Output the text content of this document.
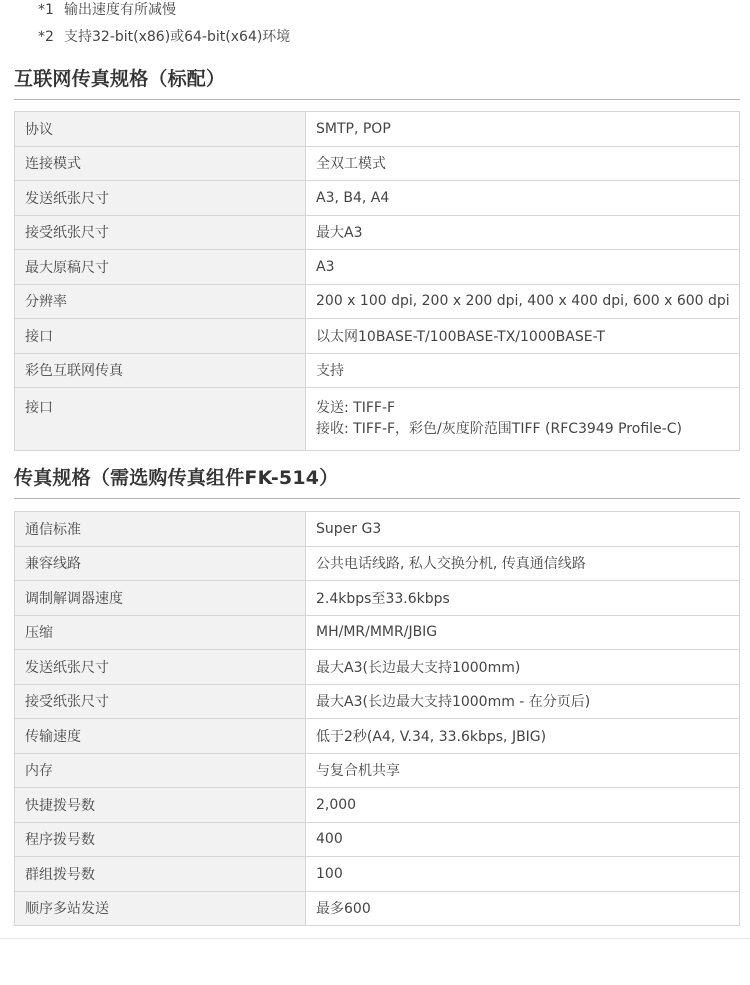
*1 输出速度有所减慢
*2 支持32-bit(x86)或64-bit(x64)环境
互联网传真规格（标配）
协议	SMTP, POP
连接模式	全双工模式
发送纸张尺寸	A3, B4, A4
接受纸张尺寸	最大A3
最大原稿尺寸	A3
分辨率	200 x 100 dpi, 200 x 200 dpi, 400 x 400 dpi, 600 x 600 dpi
接口	以太网10BASE-T/100BASE-TX/1000BASE-T
彩色互联网传真	支持
接口	发送: TIFF-F
接收: TIFF-F，彩色/灰度阶范围TIFF (RFC3949 Profile-C)
传真规格（需选购传真组件FK-514）
通信标准	Super G3
兼容线路	公共电话线路, 私人交换分机, 传真通信线路
调制解调器速度	2.4kbps至33.6kbps
压缩	MH/MR/MMR/JBIG
发送纸张尺寸	最大A3(长边最大支持1000mm)
接受纸张尺寸	最大A3(长边最大支持1000mm - 在分页后)
传输速度	低于2秒(A4, V.34, 33.6kbps, JBIG)
内存	与复合机共享
快捷拨号数	2,000
程序拨号数	400
群组拨号数	100
顺序多站发送	最多600
